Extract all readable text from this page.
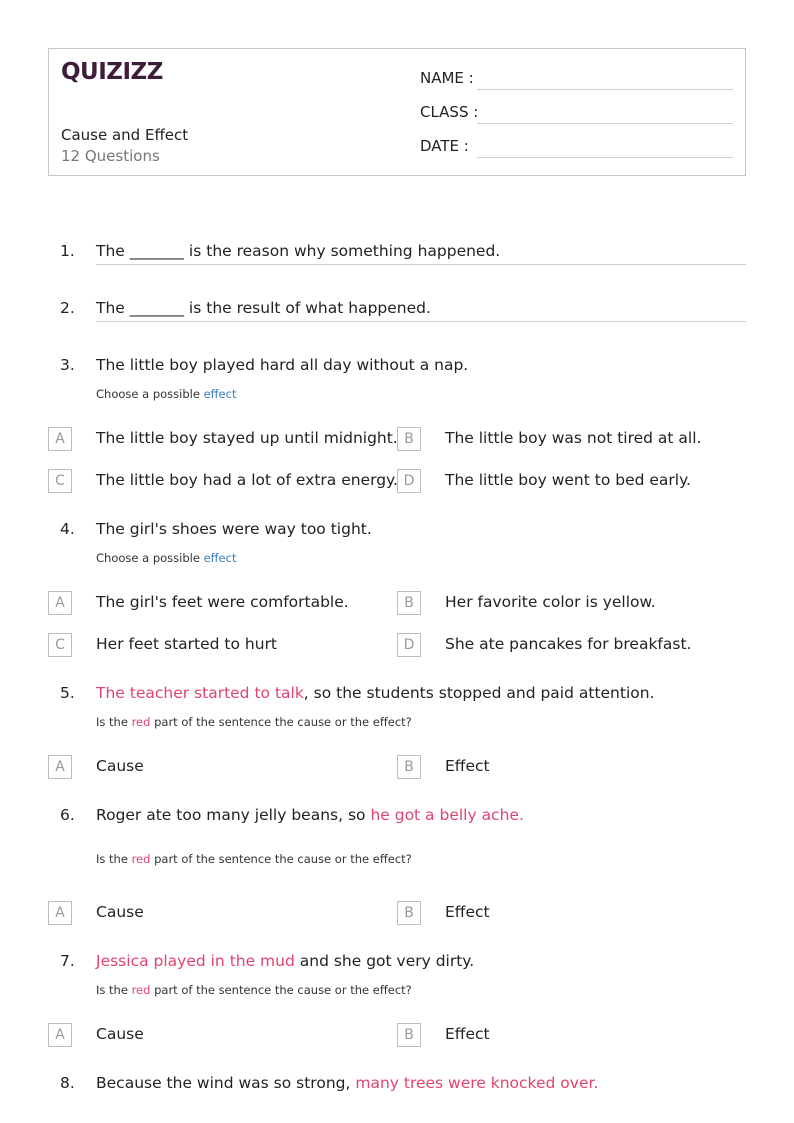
QUIZIZZ
Cause and Effect
12 Questions
NAME :
CLASS :
DATE :
1. The _______ is the reason why something happened.
2. The _______ is the result of what happened.
3. The little boy played hard all day without a nap.
Choose a possible effect
A	The little boy stayed up until midnight. B	The little boy was not tired at all.
C	The little boy had a lot of extra energy. D	The little boy went to bed early.
4. The girl's shoes were way too tight.
Choose a possible effect
A	The girl's feet were comfortable.	B	Her favorite color is yellow.
C	Her feet started to hurt	D	She ate pancakes for breakfast.
5. The teacher started to talk, so the students stopped and paid attention.
Is the red part of the sentence the cause or the effect?
A	Cause	B	Effect
6. Roger ate too many jelly beans, so he got a belly ache.
Is the red part of the sentence the cause or the effect?
A	Cause	B	Effect
7. Jessica played in the mud and she got very dirty.
Is the red part of the sentence the cause or the effect?
A	Cause	B	Effect
8. Because the wind was so strong, many trees were knocked over.
